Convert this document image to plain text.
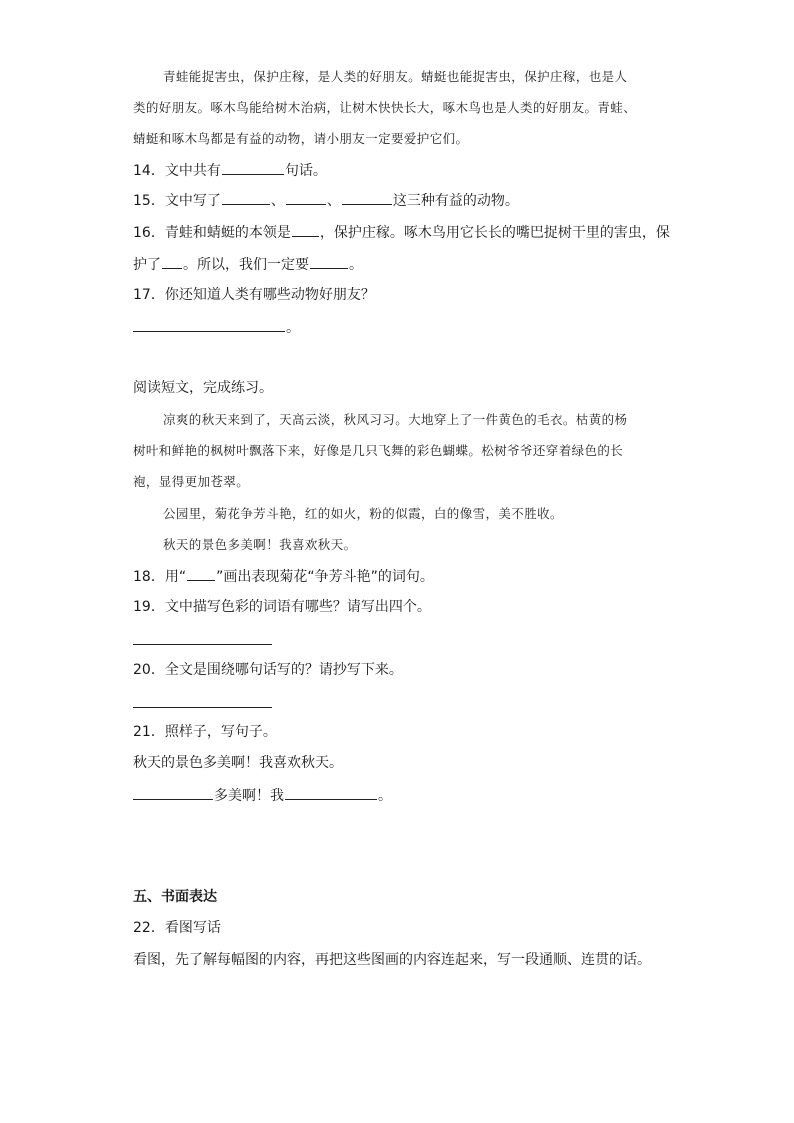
青蛙能捉害虫，保护庄稼，是人类的好朋友。蜻蜓也能捉害虫，保护庄稼，也是人
类的好朋友。啄木鸟能给树木治病，让树木快快长大，啄木鸟也是人类的好朋友。青蛙、
蜻蜓和啄木鸟都是有益的动物，请小朋友一定要爱护它们。
14．文中共有	句话。
15．文中写了	、	、	这三种有益的动物。
16．青蛙和蜻蜓的本领是 ，保护庄稼。啄木鸟用它长长的嘴巴捉树干里的害虫，保
护了 。所以，我们一定要	。
17．你还知道人类有哪些动物好朋友？
。
阅读短文，完成练习。
凉爽的秋天来到了，天高云淡，秋风习习。大地穿上了一件黄色的毛衣。枯黄的杨
树叶和鲜艳的枫树叶飘落下来，好像是几只飞舞的彩色蝴蝶。松树爷爷还穿着绿色的长
袍，显得更加苍翠。
公园里，菊花争芳斗艳，红的如火，粉的似霞，白的像雪，美不胜收。
秋天的景色多美啊！我喜欢秋天。
18．用“ ”画出表现菊花“争芳斗艳”的词句。
19．文中描写色彩的词语有哪些？请写出四个。
20．全文是围绕哪句话写的？请抄写下来。
21．照样子，写句子。
秋天的景色多美啊！我喜欢秋天。
多美啊！我	。
五、书面表达
22．看图写话
看图，先了解每幅图的内容，再把这些图画的内容连起来，写一段通顺、连贯的话。
